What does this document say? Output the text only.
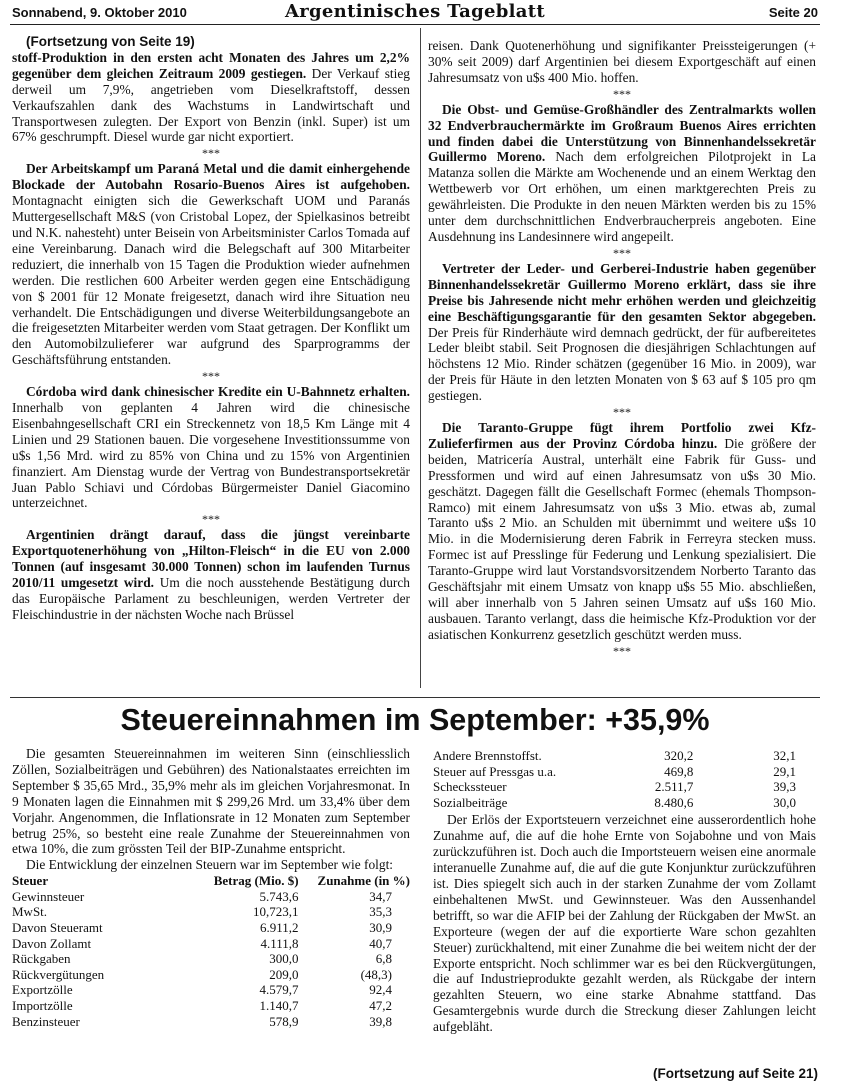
Sonnabend, 9. Oktober 2010	Argentinisches Tageblatt	Seite 20

(Fortsetzung von Seite 19)

stoff-Produktion in den ersten acht Monaten des Jahres um 2,2% gegenüber dem gleichen Zeitraum 2009 gestiegen. Der Verkauf stieg derweil um 7,9%, angetrieben vom Dieselkraftstoff, dessen Verkaufszahlen dank des Wachstums in Landwirtschaft und Transportwesen zulegten. Der Export von Benzin (inkl. Super) ist um 67% geschrumpft. Diesel wurde gar nicht exportiert.

***

Der Arbeitskampf um Paraná Metal und die damit einhergehende Blockade der Autobahn Rosario-Buenos Aires ist aufgehoben. Montagnacht einigten sich die Gewerkschaft UOM und Paranás Muttergesellschaft M&S (von Cristobal Lopez, der Spielkasinos betreibt und N.K. nahesteht) unter Beisein von Arbeitsminister Carlos Tomada auf eine Vereinbarung. Danach wird die Belegschaft auf 300 Mitarbeiter reduziert, die innerhalb von 15 Tagen die Produktion wieder aufnehmen werden. Die restlichen 600 Arbeiter werden gegen eine Entschädigung von $ 2001 für 12 Monate freigesetzt, danach wird ihre Situation neu verhandelt. Die Entschädigungen und diverse Weiterbildungsangebote an die freigesetzten Mitarbeiter werden vom Staat getragen. Der Konflikt um den Automobilzulieferer war aufgrund des Sparprogramms der Geschäftsführung entstanden.

***

Córdoba wird dank chinesischer Kredite ein U-Bahnnetz erhalten. Innerhalb von geplanten 4 Jahren wird die chinesische Eisenbahngesellschaft CRI ein Streckennetz von 18,5 Km Länge mit 4 Linien und 29 Stationen bauen. Die vorgesehene Investitionssumme von u$s 1,56 Mrd. wird zu 85% von China und zu 15% von Argentinien finanziert. Am Dienstag wurde der Vertrag von Bundestransportsekretär Juan Pablo Schiavi und Córdobas Bürgermeister Daniel Giacomino unterzeichnet.

***

Argentinien drängt darauf, dass die jüngst vereinbarte Exportquotenerhöhung von „Hilton-Fleisch“ in die EU von 2.000 Tonnen (auf insgesamt 30.000 Tonnen) schon im laufenden Turnus 2010/11 umgesetzt wird. Um die noch ausstehende Bestätigung durch das Europäische Parlament zu beschleunigen, werden Vertreter der Fleischindustrie in der nächsten Woche nach Brüssel

reisen. Dank Quotenerhöhung und signifikanter Preissteigerungen (+ 30% seit 2009) darf Argentinien bei diesem Exportgeschäft auf einen Jahresumsatz von u$s 400 Mio. hoffen.

***

Die Obst- und Gemüse-Großhändler des Zentralmarkts wollen 32 Endverbrauchermärkte im Großraum Buenos Aires errichten und finden dabei die Unterstützung von Binnenhandelssekretär Guillermo Moreno. Nach dem erfolgreichen Pilotprojekt in La Matanza sollen die Märkte am Wochenende und an einem Werktag den Wettbewerb vor Ort erhöhen, um einen marktgerechten Preis zu gewährleisten. Die Produkte in den neuen Märkten werden bis zu 15% unter dem durchschnittlichen Endverbraucherpreis angeboten. Eine Ausdehnung ins Landesinnere wird angepeilt.

***

Vertreter der Leder- und Gerberei-Industrie haben gegenüber Binnenhandelssekretär Guillermo Moreno erklärt, dass sie ihre Preise bis Jahresende nicht mehr erhöhen werden und gleichzeitig eine Beschäftigungsgarantie für den gesamten Sektor abgegeben. Der Preis für Rinderhäute wird demnach gedrückt, der für aufbereitetes Leder bleibt stabil. Seit Prognosen die diesjährigen Schlachtungen auf höchstens 12 Mio. Rinder schätzen (gegenüber 16 Mio. in 2009), war der Preis für Häute in den letzten Monaten von $ 63 auf $ 105 pro qm gestiegen.

***

Die Taranto-Gruppe fügt ihrem Portfolio zwei Kfz-Zulieferfirmen aus der Provinz Córdoba hinzu. Die größere der beiden, Matricería Austral, unterhält eine Fabrik für Guss- und Pressformen und wird auf einen Jahresumsatz von u$s 30 Mio. geschätzt. Dagegen fällt die Gesellschaft Formec (ehemals Thompson-Ramco) mit einem Jahresumsatz von u$s 3 Mio. etwas ab, zumal Taranto u$s 2 Mio. an Schulden mit übernimmt und weitere u$s 10 Mio. in die Modernisierung deren Fabrik in Ferreyra stecken muss. Formec ist auf Presslinge für Federung und Lenkung spezialisiert. Die Taranto-Gruppe wird laut Vorstandsvorsitzendem Norberto Taranto das Geschäftsjahr mit einem Umsatz von knapp u$s 55 Mio. abschließen, will aber innerhalb von 5 Jahren seinen Umsatz auf u$s 160 Mio. ausbauen. Taranto verlangt, dass die heimische Kfz-Produktion vor der asiatischen Konkurrenz gesetzlich geschützt werden muss.

***
Steuereinnahmen im September: +35,9%

Die gesamten Steuereinnahmen im weiteren Sinn (einschliesslich Zöllen, Sozialbeiträgen und Gebühren) des Nationalstaates erreichten im September $ 35,65 Mrd., 35,9% mehr als im gleichen Vorjahresmonat. In 9 Monaten lagen die Einnahmen mit $ 299,26 Mrd. um 33,4% über dem Vorjahr. Angenommen, die Inflationsrate in 12 Monaten zum September betrug 25%, so besteht eine reale Zunahme der Steuereinnahmen von etwa 10%, die zum grössten Teil der BIP-Zunahme entspricht.

Die Entwicklung der einzelnen Steuern war im September wie folgt:

Steuer	Betrag (Mio. $)	Zunahme (in %)
Gewinnsteuer	5.743,6	34,7
MwSt.	10,723,1	35,3
Davon Steueramt	6.911,2	30,9
Davon Zollamt	4.111,8	40,7
Rückgaben	300,0	6,8
Rückvergütungen	209,0	(48,3)
Exportzölle	4.579,7	92,4
Importzölle	1.140,7	47,2
Benzinsteuer	578,9	39,8
Andere Brennstoffst.	320,2	32,1
Steuer auf Pressgas u.a.	469,8	29,1
Scheckssteuer	2.511,7	39,3
Sozialbeiträge	8.480,6	30,0

Der Erlös der Exportsteuern verzeichnet eine ausserordentlich hohe Zunahme auf, die auf die hohe Ernte von Sojabohne und von Mais zurückzuführen ist. Doch auch die Importsteuern weisen eine anormale interanuelle Zunahme auf, die auf die gute Konjunktur zurückzuführen ist. Dies spiegelt sich auch in der starken Zunahme der vom Zollamt einbehaltenen MwSt. und Gewinnsteuer. Was den Aussenhandel betrifft, so war die AFIP bei der Zahlung der Rückgaben der MwSt. an Exporteure (wegen der auf die exportierte Ware schon gezahlten Steuer) zurückhaltend, mit einer Zunahme die bei weitem nicht der der Exporte entspricht. Noch schlimmer war es bei den Rückvergütungen, die auf Industrieprodukte gezahlt werden, als Rückgabe der intern gezahlten Steuern, wo eine starke Abnahme stattfand. Das Gesamtergebnis wurde durch die Streckung dieser Zahlungen leicht aufgebläht.

(Fortsetzung auf Seite 21)
